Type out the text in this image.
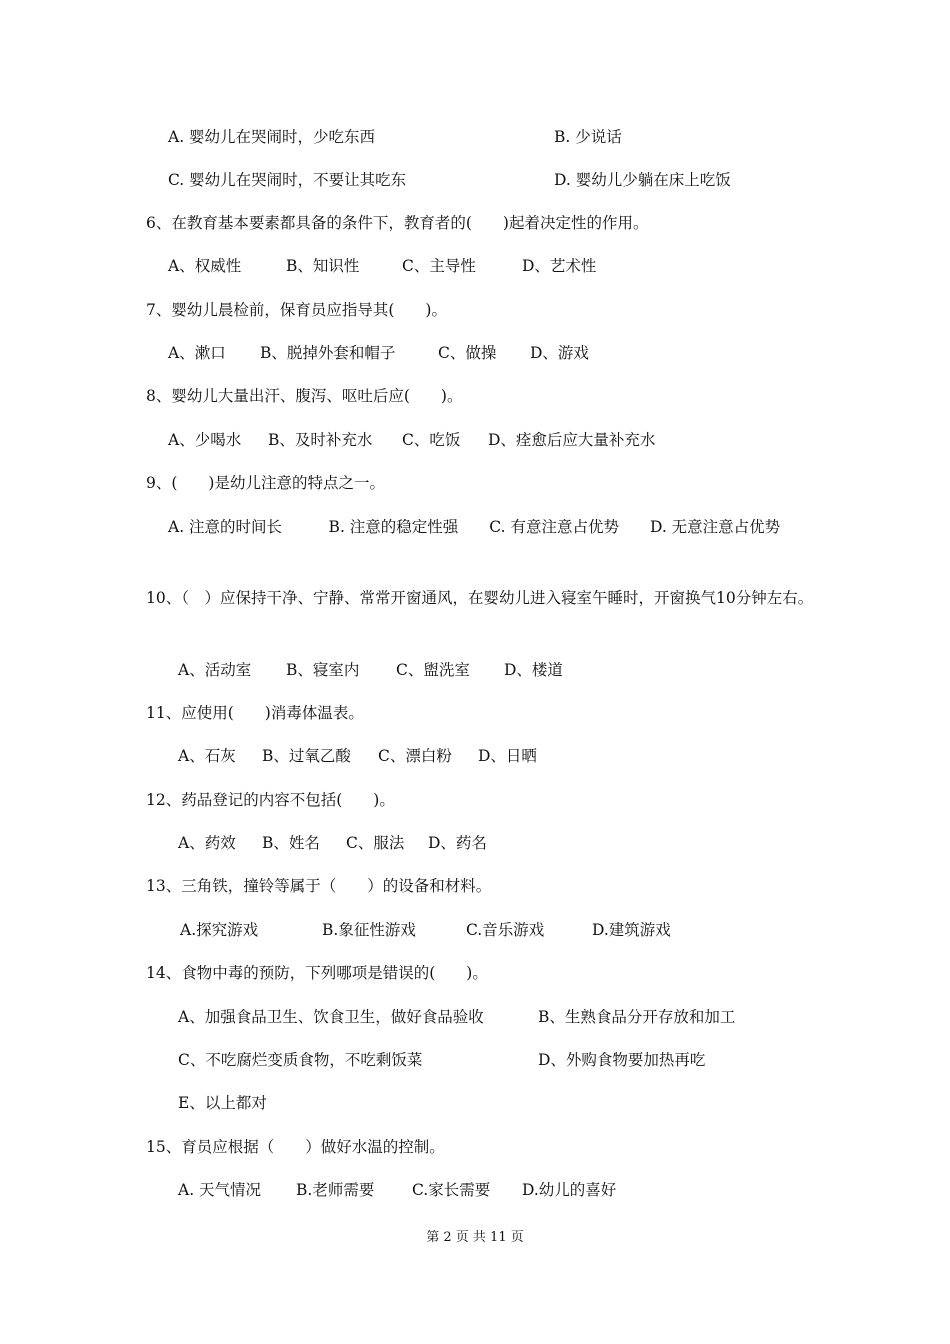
A. 婴幼儿在哭闹时，少吃东西	B. 少说话
C. 婴幼儿在哭闹时，不要让其吃东	D. 婴幼儿少躺在床上吃饭
6、在教育基本要素都具备的条件下，教育者的(　　)起着决定性的作用。
A、权威性	B、知识性	C、主导性	D、艺术性
7、婴幼儿晨检前，保育员应指导其(　　)。
A、漱口 B、脱掉外套和帽子	C、做操 D、游戏
8、婴幼儿大量出汗、腹泻、呕吐后应(　　)。
A、少喝水 B、及时补充水 C、吃饭 D、痊愈后应大量补充水
9、(　　)是幼儿注意的特点之一。
A. 注意的时间长　　　B. 注意的稳定性强　　C. 有意注意占优势　　D. 无意注意占优势
10、（　）应保持干净、宁静、常常开窗通风，在婴幼儿进入寝室午睡时，开窗换气10分钟左右。
A、活动室 B、寝室内 C、盥洗室 D、楼道
11、应使用(　　)消毒体温表。
A、石灰 B、过氧乙酸 C、漂白粉 D、日晒
12、药品登记的内容不包括(　　)。
A、药效 B、姓名 C、服法 D、药名
13、三角铁，撞铃等属于（　　）的设备和材料。
A.探究游戏	B.象征性游戏	C.音乐游戏	D.建筑游戏
14、食物中毒的预防，下列哪项是错误的(　　)。
A、加强食品卫生、饮食卫生，做好食品验收	B、生熟食品分开存放和加工
C、不吃腐烂变质食物，不吃剩饭菜	D、外购食物要加热再吃
E、以上都对
15、育员应根据（　　）做好水温的控制。
A. 天气情况 B.老师需要 C.家长需要 D.幼儿的喜好
第 2 页 共 11 页
